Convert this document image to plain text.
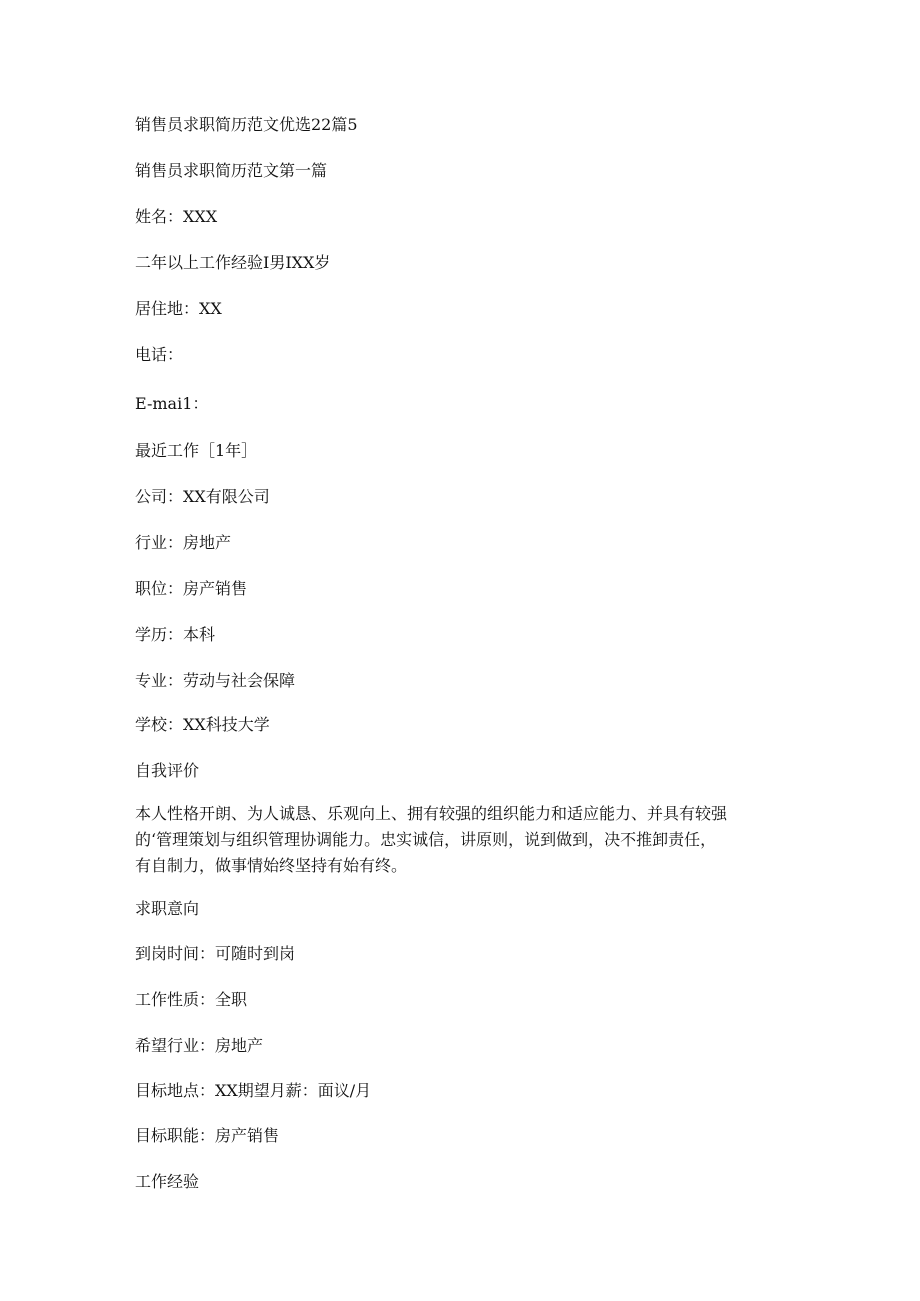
销售员求职简历范文优选22篇5
销售员求职简历范文第一篇
姓名：XXX
二年以上工作经验I男IXX岁
居住地：XX
电话：
E-mai1：
最近工作［1年］
公司：XX有限公司
行业：房地产
职位：房产销售
学历：本科
专业：劳动与社会保障
学校：XX科技大学
自我评价
本人性格开朗、为人诚恳、乐观向上、拥有较强的组织能力和适应能力、并具有较强
的‘管理策划与组织管理协调能力。忠实诚信，讲原则，说到做到，决不推卸责任，
有自制力，做事情始终坚持有始有终。
求职意向
到岗时间：可随时到岗
工作性质：全职
希望行业：房地产
目标地点：XX期望月薪：面议/月
目标职能：房产销售
工作经验
